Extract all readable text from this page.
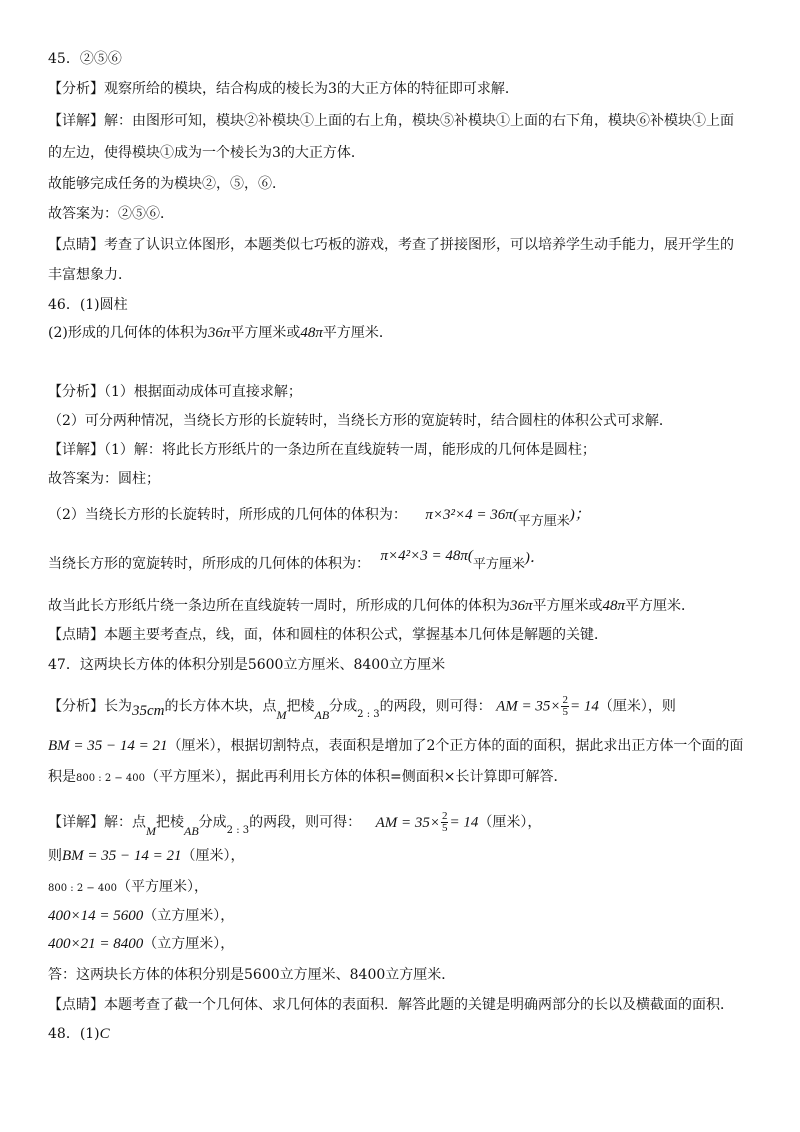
45．②⑤⑥
【分析】观察所给的模块，结合构成的棱长为3的大正方体的特征即可求解．
【详解】解：由图形可知，模块②补模块①上面的右上角，模块⑤补模块①上面的右下角，模块⑥补模块①上面
的左边，使得模块①成为一个棱长为3的大正方体．
故能够完成任务的为模块②，⑤，⑥．
故答案为：②⑤⑥．
【点睛】考查了认识立体图形，本题类似七巧板的游戏，考查了拼接图形，可以培养学生动手能力，展开学生的
丰富想象力．
46．(1)圆柱
(2)形成的几何体的体积为36π平方厘米或48π平方厘米．
【分析】（1）根据面动成体可直接求解；
（2）可分两种情况，当绕长方形的长旋转时，当绕长方形的宽旋转时，结合圆柱的体积公式可求解．
【详解】（1）解：将此长方形纸片的一条边所在直线旋转一周，能形成的几何体是圆柱；
故答案为：圆柱；
（2）当绕长方形的长旋转时，所形成的几何体的体积为： π×3²×4 = 36π(平方厘米)；
当绕长方形的宽旋转时，所形成的几何体的体积为： π×4²×3 = 48π(平方厘米)．
故当此长方形纸片绕一条边所在直线旋转一周时，所形成的几何体的体积为36π平方厘米或48π平方厘米．
【点睛】本题主要考查点，线，面，体和圆柱的体积公式，掌握基本几何体是解题的关键．
47．这两块长方体的体积分别是5600立方厘米、8400立方厘米
【分析】长为35cm的长方体木块，点M把棱AB分成$_{2 : 3}$的两段，则可得： AM = $35\times \frac{2}{5} = 14$（厘米），则
BM = 35 − 14 = 21（厘米），根据切割特点，表面积是增加了2个正方体的面的面积，据此求出正方体一个面的面
积是800 : 2 − 400（平方厘米），据此再利用长方体的体积=侧面积×长计算即可解答．
【详解】解：点M把棱AB分成$_{2 : 3}$的两段，则可得： AM = $35\times \frac{2}{5} = 14$（厘米），
则BM = 35 − 14 = 21（厘米），
800 : 2 − 400（平方厘米），
400×14 = 5600（立方厘米），
400×21 = 8400（立方厘米），
答：这两块长方体的体积分别是5600立方厘米、8400立方厘米．
【点睛】本题考查了截一个几何体、求几何体的表面积．解答此题的关键是明确两部分的长以及横截面的面积．
48．(1)C
